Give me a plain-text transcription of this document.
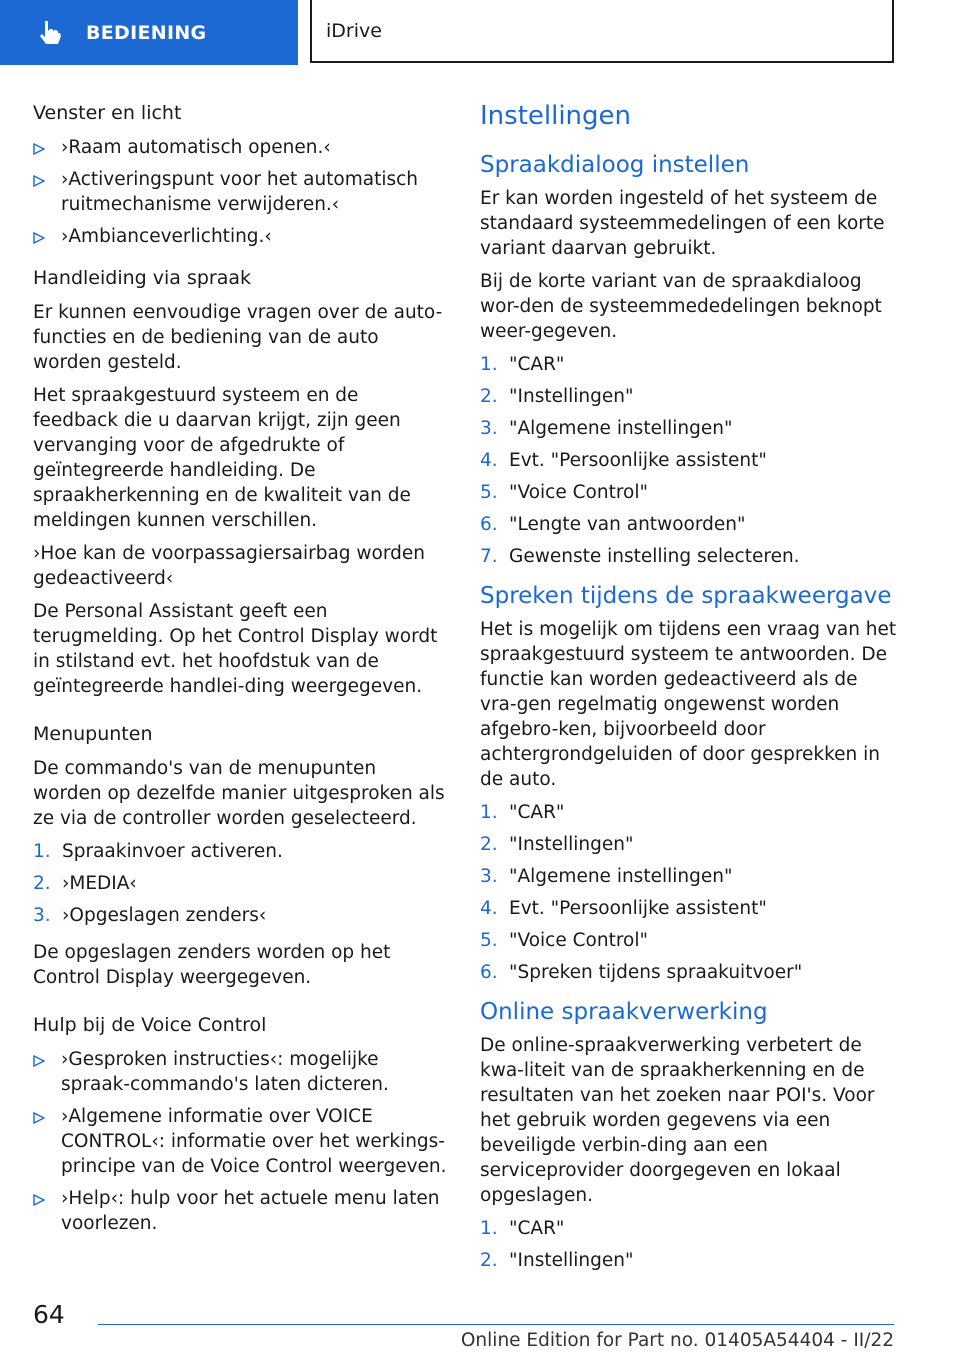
BEDIENING	iDrive
Venster en licht
›Raam automatisch openen.‹
›Activeringspunt voor het automatisch ruitmechanisme verwijderen.‹
›Ambianceverlichting.‹
Handleiding via spraak

Er kunnen eenvoudige vragen over de auto-functies en de bediening van de auto worden gesteld.

Het spraakgestuurd systeem en de feedback die u daarvan krijgt, zijn geen vervanging voor de afgedrukte of geïntegreerde handleiding. De spraakherkenning en de kwaliteit van de meldingen kunnen verschillen.

›Hoe kan de voorpassagiersairbag worden gedeactiveerd‹

De Personal Assistant geeft een terugmelding. Op het Control Display wordt in stilstand evt. het hoofdstuk van de geïntegreerde handlei-ding weergegeven.

Menupunten

De commando's van de menupunten worden op dezelfde manier uitgesproken als ze via de controller worden geselecteerd.

1. Spraakinvoer activeren.
2. ›MEDIA‹
3. ›Opgeslagen zenders‹

De opgeslagen zenders worden op het Control Display weergegeven.

Hulp bij de Voice Control
›Gesproken instructies‹: mogelijke spraak-commando's laten dicteren.
›Algemene informatie over VOICE CONTROL‹: informatie over het werkings-principe van de Voice Control weergeven.
›Help‹: hulp voor het actuele menu laten voorlezen.
Instellingen
Spraakdialoog instellen

Er kan worden ingesteld of het systeem de standaard systeemmedelingen of een korte variant daarvan gebruikt.

Bij de korte variant van de spraakdialoog wor-den de systeemmededelingen beknopt weer-gegeven.

1. "CAR"
2. "Instellingen"
3. "Algemene instellingen"
4. Evt. "Persoonlijke assistent"
5. "Voice Control"
6. "Lengte van antwoorden"
7. Gewenste instelling selecteren.
Spreken tijdens de spraakweergave

Het is mogelijk om tijdens een vraag van het spraakgestuurd systeem te antwoorden. De functie kan worden gedeactiveerd als de vra-gen regelmatig ongewenst worden afgebro-ken, bijvoorbeeld door achtergrondgeluiden of door gesprekken in de auto.

1. "CAR"
2. "Instellingen"
3. "Algemene instellingen"
4. Evt. "Persoonlijke assistent"
5. "Voice Control"
6. "Spreken tijdens spraakuitvoer"
Online spraakverwerking

De online-spraakverwerking verbetert de kwa-liteit van de spraakherkenning en de resultaten van het zoeken naar POI's. Voor het gebruik worden gegevens via een beveiligde verbin-ding aan een serviceprovider doorgegeven en lokaal opgeslagen.

1. "CAR"
2. "Instellingen"
64
Online Edition for Part no. 01405A54404 - II/22
